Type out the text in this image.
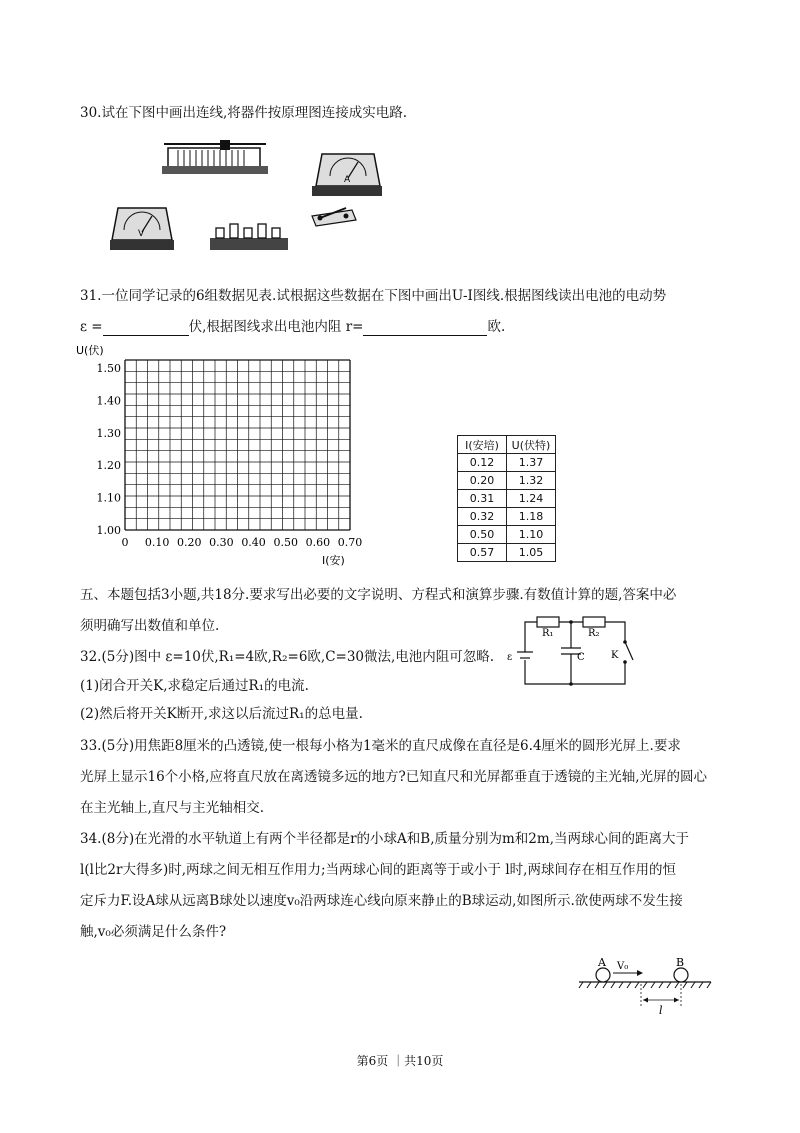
30.试在下图中画出连线,将器件按原理图连接成实电路.
A
V
31.一位同学记录的6组数据见表.试根据这些数据在下图中画出U-I图线.根据图线读出电池的电动势
ε =	伏,根据图线求出电池内阻 r=	欧.
1.50
1.40
1.30
1.20
1.10
1.00
0 0.10 0.20 0.30 0.40 0.50 0.60 0.70
U(伏)
I(安)
I(安培)	U(伏特)
0.12	1.37
0.20	1.32
0.31	1.24
0.32	1.18
0.50	1.10
0.57	1.05
五、本题包括3小题,共18分.要求写出必要的文字说明、方程式和演算步骤.有数值计算的题,答案中必
须明确写出数值和单位.
32.(5分)图中 ε=10伏,R₁=4欧,R₂=6欧,C=30微法,电池内阻可忽略.
(1)闭合开关K,求稳定后通过R₁的电流.
(2)然后将开关K断开,求这以后流过R₁的总电量.
R₁	R₂
C	K
ε
33.(5分)用焦距8厘米的凸透镜,使一根每小格为1毫米的直尺成像在直径是6.4厘米的圆形光屏上.要求
光屏上显示16个小格,应将直尺放在离透镜多远的地方?已知直尺和光屏都垂直于透镜的主光轴,光屏的圆心
在主光轴上,直尺与主光轴相交.
34.(8分)在光滑的水平轨道上有两个半径都是r的小球A和B,质量分别为m和2m,当两球心间的距离大于
l(l比2r大得多)时,两球之间无相互作用力;当两球心间的距离等于或小于 l时,两球间存在相互作用的恒
定斥力F.设A球从远离B球处以速度v₀沿两球连心线向原来静止的B球运动,如图所示.欲使两球不发生接
触,v₀必须满足什么条件?
A	B
V₀
l
第6页 ｜共10页
